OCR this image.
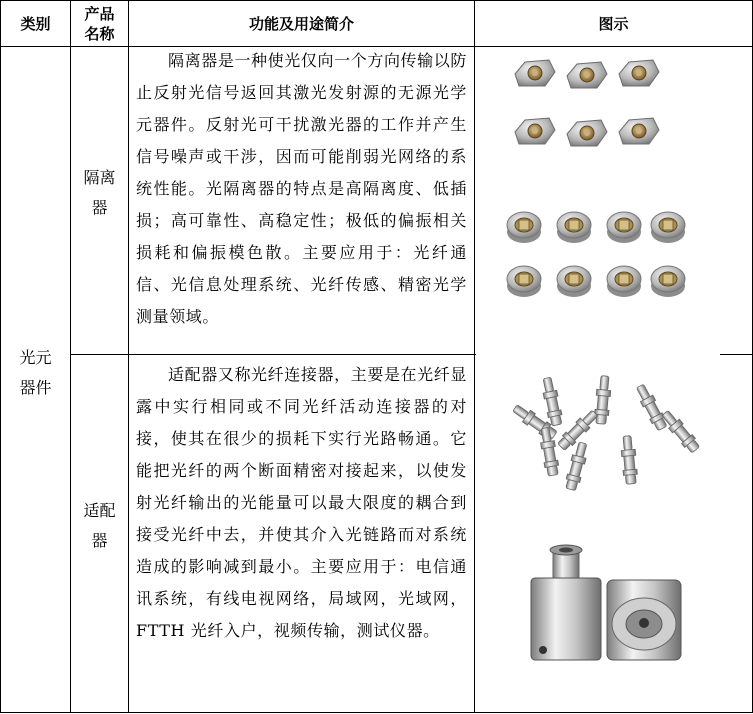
类别
产品
名称
功能及用途简介	图示
光元
器件
隔离
器

隔离器是一种使光仅向一个方向传输以防止反射光信号返回其激光发射源的无源光学元器件。反射光可干扰激光器的工作并产生信号噪声或干涉，因而可能削弱光网络的系统性能。光隔离器的特点是高隔离度、低插损；高可靠性、高稳定性；极低的偏振相关损耗和偏振模色散。主要应用于：光纤通信、光信息处理系统、光纤传感、精密光学测量领域。

适配
器

适配器又称光纤连接器，主要是在光纤显露中实行相同或不同光纤活动连接器的对接，使其在很少的损耗下实行光路畅通。它能把光纤的两个断面精密对接起来，以使发射光纤输出的光能量可以最大限度的耦合到接受光纤中去，并使其介入光链路而对系统造成的影响减到最小。主要应用于：电信通讯系统，有线电视网络，局域网，光域网，FTTH 光纤入户，视频传输，测试仪器。
